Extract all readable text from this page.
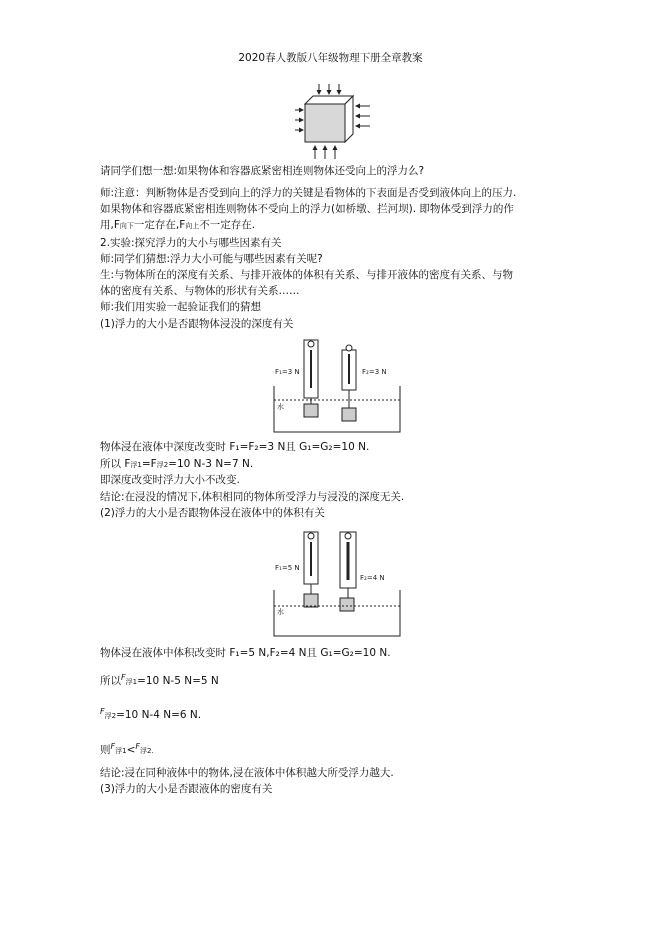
2020春人教版八年级物理下册全章教案
请同学们想一想:如果物体和容器底紧密相连则物体还受向上的浮力么?
师:注意：判断物体是否受到向上的浮力的关键是看物体的下表面是否受到液体向上的压力.
如果物体和容器底紧密相连则物体不受向上的浮力(如桥墩、拦河坝). 即物体受到浮力的作
用,F向下一定存在,F向上不一定存在.
2.实验:探究浮力的大小与哪些因素有关
师:同学们猜想:浮力大小可能与哪些因素有关呢?
生:与物体所在的深度有关系、与排开液体的体积有关系、与排开液体的密度有关系、与物
体的密度有关系、与物体的形状有关系……
师:我们用实验一起验证我们的猜想
(1)浮力的大小是否跟物体浸没的深度有关
F₁=3 N	F₂=3 N
水
物体浸在液体中深度改变时 F₁=F₂=3 N且 G₁=G₂=10 N.
所以 F浮1=F浮2=10 N-3 N=7 N.
即深度改变时浮力大小不改变.
结论:在浸没的情况下,体积相同的物体所受浮力与浸没的深度无关.
(2)浮力的大小是否跟物体浸在液体中的体积有关
F₁=5 N
F₂=4 N
水
物体浸在液体中体积改变时 F₁=5 N,F₂=4 N且 G₁=G₂=10 N.
所以$^F$浮1=10 N-5 N=5 N
$^F$浮2=10 N-4 N=6 N.
则$^F$浮1<$^F$浮2.
结论:浸在同种液体中的物体,浸在液体中体积越大所受浮力越大.
(3)浮力的大小是否跟液体的密度有关
